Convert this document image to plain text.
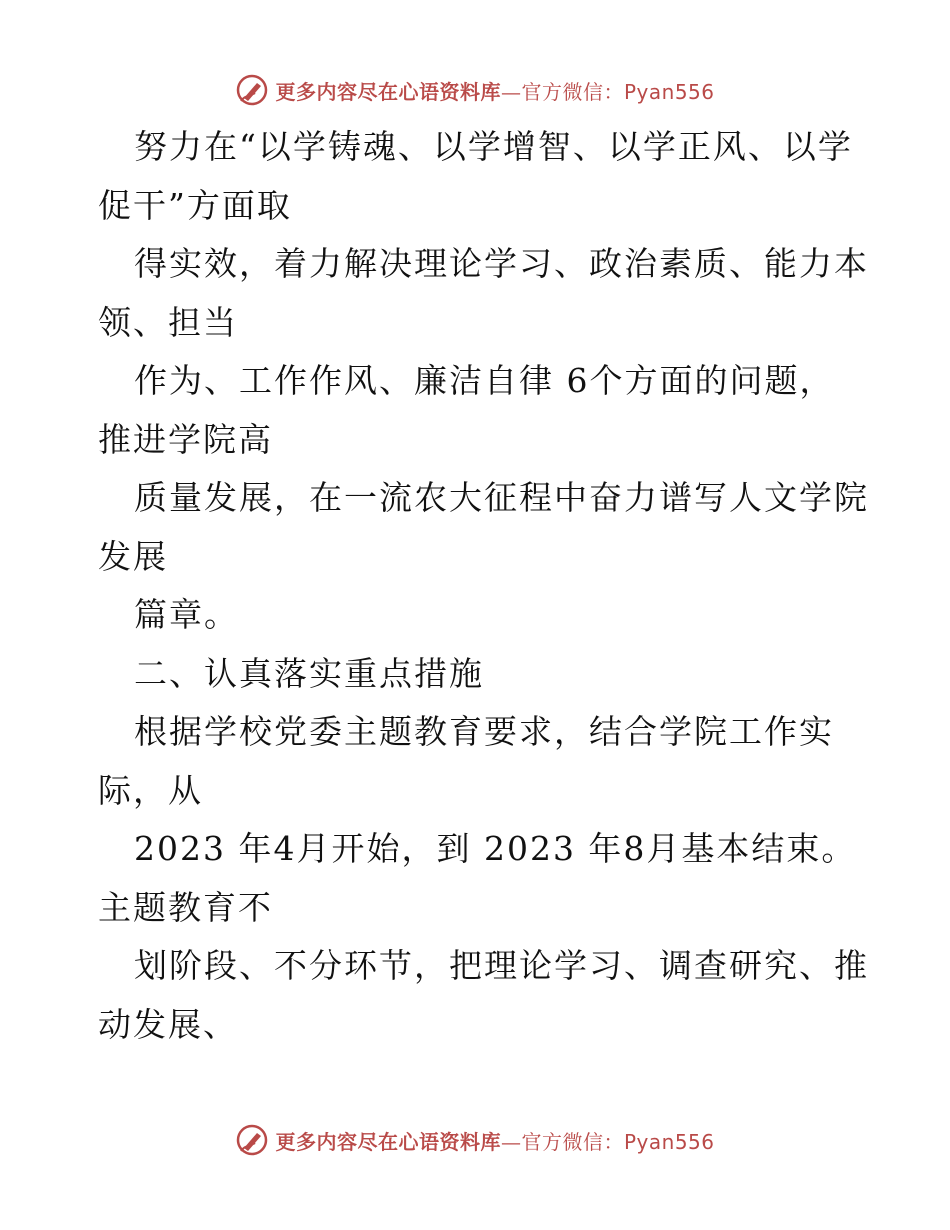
更多内容尽在心语资料库—官方微信：Pyan556
努力在“以学铸魂、以学增智、以学正风、以学
促干”方面取
得实效，着力解决理论学习、政治素质、能力本
领、担当
作为、工作作风、廉洁自律 6个方面的问题，
推进学院高
质量发展，在一流农大征程中奋力谱写人文学院
发展
篇章。
二、认真落实重点措施
根据学校党委主题教育要求，结合学院工作实
际，从
2023 年4月开始，到 2023 年8月基本结束。
主题教育不
划阶段、不分环节，把理论学习、调查研究、推
动发展、
更多内容尽在心语资料库—官方微信：Pyan556
